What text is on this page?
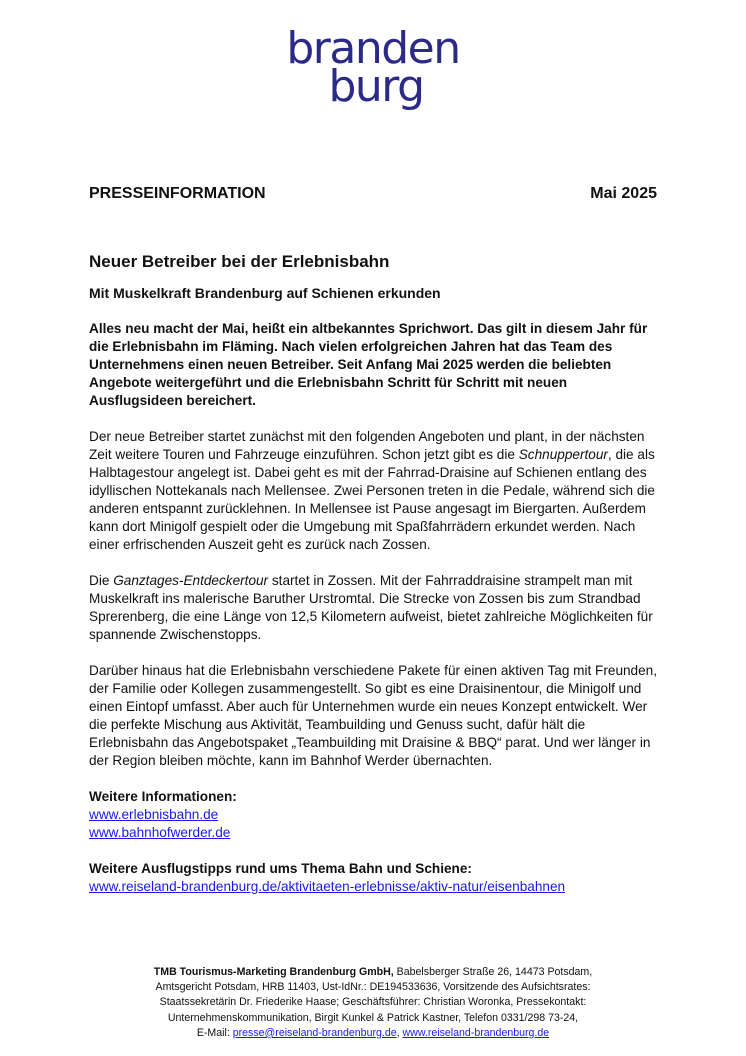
branden
burg
PRESSEINFORMATION	Mai 2025
Neuer Betreiber bei der Erlebnisbahn
Mit Muskelkraft Brandenburg auf Schienen erkunden

Alles neu macht der Mai, heißt ein altbekanntes Sprichwort. Das gilt in diesem Jahr für die Erlebnisbahn im Fläming. Nach vielen erfolgreichen Jahren hat das Team des Unternehmens einen neuen Betreiber. Seit Anfang Mai 2025 werden die beliebten Angebote weitergeführt und die Erlebnisbahn Schritt für Schritt mit neuen Ausflugsideen bereichert.

Der neue Betreiber startet zunächst mit den folgenden Angeboten und plant, in der nächsten Zeit weitere Touren und Fahrzeuge einzuführen. Schon jetzt gibt es die Schnuppertour, die als Halbtagestour angelegt ist. Dabei geht es mit der Fahrrad-Draisine auf Schienen entlang des idyllischen Nottekanals nach Mellensee. Zwei Personen treten in die Pedale, während sich die anderen entspannt zurücklehnen. In Mellensee ist Pause angesagt im Biergarten. Außerdem kann dort Minigolf gespielt oder die Umgebung mit Spaßfahrrädern erkundet werden. Nach einer erfrischenden Auszeit geht es zurück nach Zossen.

Die Ganztages-Entdeckertour startet in Zossen. Mit der Fahrraddraisine strampelt man mit Muskelkraft ins malerische Baruther Urstromtal. Die Strecke von Zossen bis zum Strandbad Sprerenberg, die eine Länge von 12,5 Kilometern aufweist, bietet zahlreiche Möglichkeiten für spannende Zwischenstopps.

Darüber hinaus hat die Erlebnisbahn verschiedene Pakete für einen aktiven Tag mit Freunden, der Familie oder Kollegen zusammengestellt. So gibt es eine Draisinentour, die Minigolf und einen Eintopf umfasst. Aber auch für Unternehmen wurde ein neues Konzept entwickelt. Wer die perfekte Mischung aus Aktivität, Teambuilding und Genuss sucht, dafür hält die Erlebnisbahn das Angebotspaket „Teambuilding mit Draisine & BBQ“ parat. Und wer länger in der Region bleiben möchte, kann im Bahnhof Werder übernachten.

Weitere Informationen:
www.erlebnisbahn.de
www.bahnhofwerder.de
Weitere Ausflugstipps rund ums Thema Bahn und Schiene:
www.reiseland-brandenburg.de/aktivitaeten-erlebnisse/aktiv-natur/eisenbahnen
TMB Tourismus-Marketing Brandenburg GmbH, Babelsberger Straße 26, 14473 Potsdam,
Amtsgericht Potsdam, HRB 11403, Ust-IdNr.: DE194533636, Vorsitzende des Aufsichtsrates:
Staatssekretärin Dr. Friederike Haase; Geschäftsführer: Christian Woronka, Pressekontakt:
Unternehmenskommunikation, Birgit Kunkel & Patrick Kastner, Telefon 0331/298 73-24,
E-Mail: presse@reiseland-brandenburg.de, www.reiseland-brandenburg.de
